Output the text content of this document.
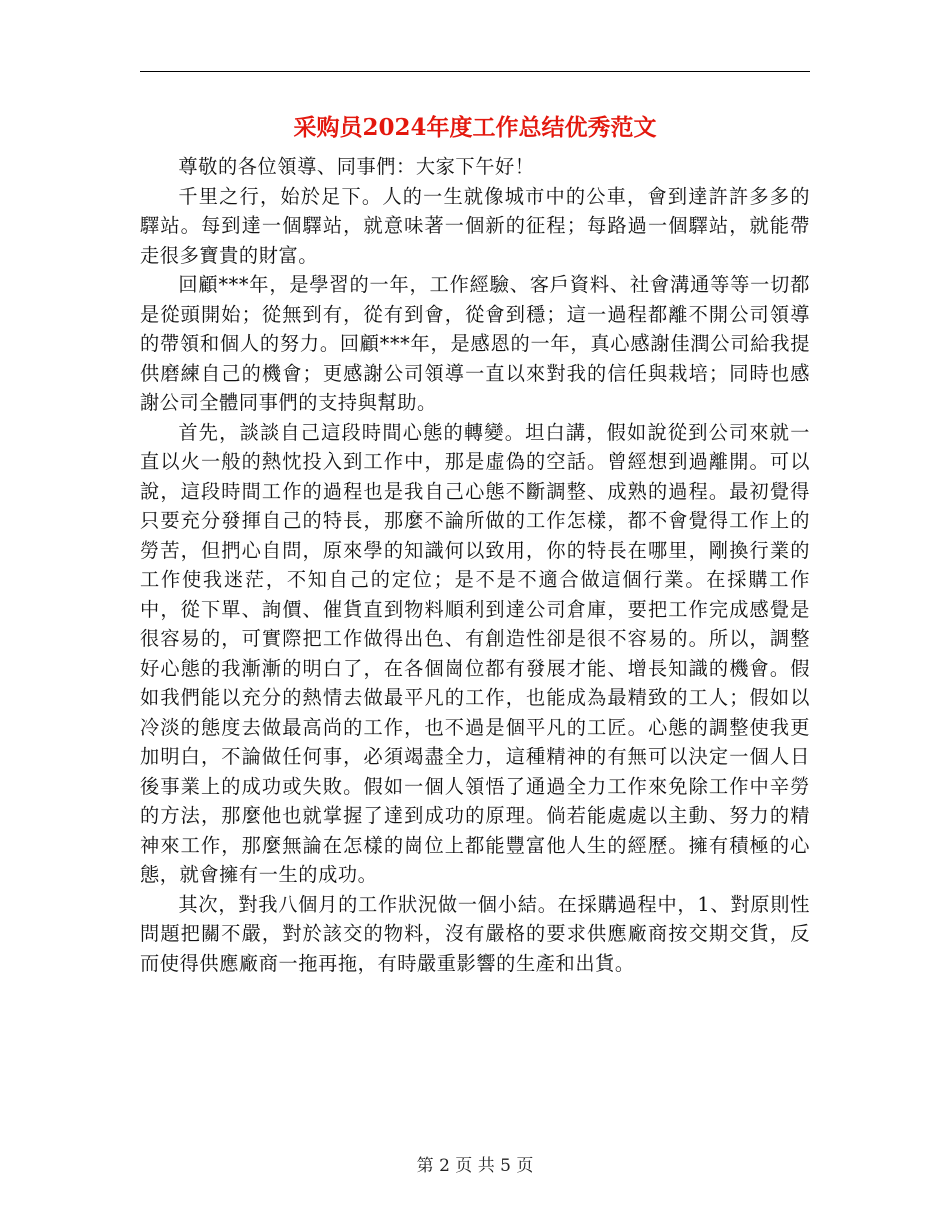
采购员2024年度工作总结优秀范文

尊敬的各位領導、同事們：大家下午好！

千里之行，始於足下。人的一生就像城市中的公車，會到達許許多多的驛站。每到達一個驛站，就意味著一個新的征程；每路過一個驛站，就能帶走很多寶貴的財富。

回顧***年，是學習的一年，工作經驗、客戶資料、社會溝通等等一切都是從頭開始；從無到有，從有到會，從會到穩；這一過程都離不開公司領導的帶領和個人的努力。回顧***年，是感恩的一年，真心感謝佳潤公司給我提供磨練自己的機會；更感謝公司領導一直以來對我的信任與栽培；同時也感謝公司全體同事們的支持與幫助。

首先，談談自己這段時間心態的轉變。坦白講，假如說從到公司來就一直以火一般的熱忱投入到工作中，那是虛偽的空話。曾經想到過離開。可以說，這段時間工作的過程也是我自己心態不斷調整、成熟的過程。最初覺得只要充分發揮自己的特長，那麼不論所做的工作怎樣，都不會覺得工作上的勞苦，但捫心自問，原來學的知識何以致用，你的特長在哪里，剛換行業的工作使我迷茫，不知自己的定位；是不是不適合做這個行業。在採購工作中，從下單、詢價、催貨直到物料順利到達公司倉庫，要把工作完成感覺是很容易的，可實際把工作做得出色、有創造性卻是很不容易的。所以，調整好心態的我漸漸的明白了，在各個崗位都有發展才能、增長知識的機會。假如我們能以充分的熱情去做最平凡的工作，也能成為最精致的工人；假如以冷淡的態度去做最高尚的工作，也不過是個平凡的工匠。心態的調整使我更加明白，不論做任何事，必須竭盡全力，這種精神的有無可以決定一個人日後事業上的成功或失敗。假如一個人領悟了通過全力工作來免除工作中辛勞的方法，那麼他也就掌握了達到成功的原理。倘若能處處以主動、努力的精神來工作，那麼無論在怎樣的崗位上都能豐富他人生的經歷。擁有積極的心態，就會擁有一生的成功。

其次，對我八個月的工作狀況做一個小結。在採購過程中，1、對原則性問題把關不嚴，對於該交的物料，沒有嚴格的要求供應廠商按交期交貨，反而使得供應廠商一拖再拖，有時嚴重影響的生產和出貨。

第 2 页 共 5 页
